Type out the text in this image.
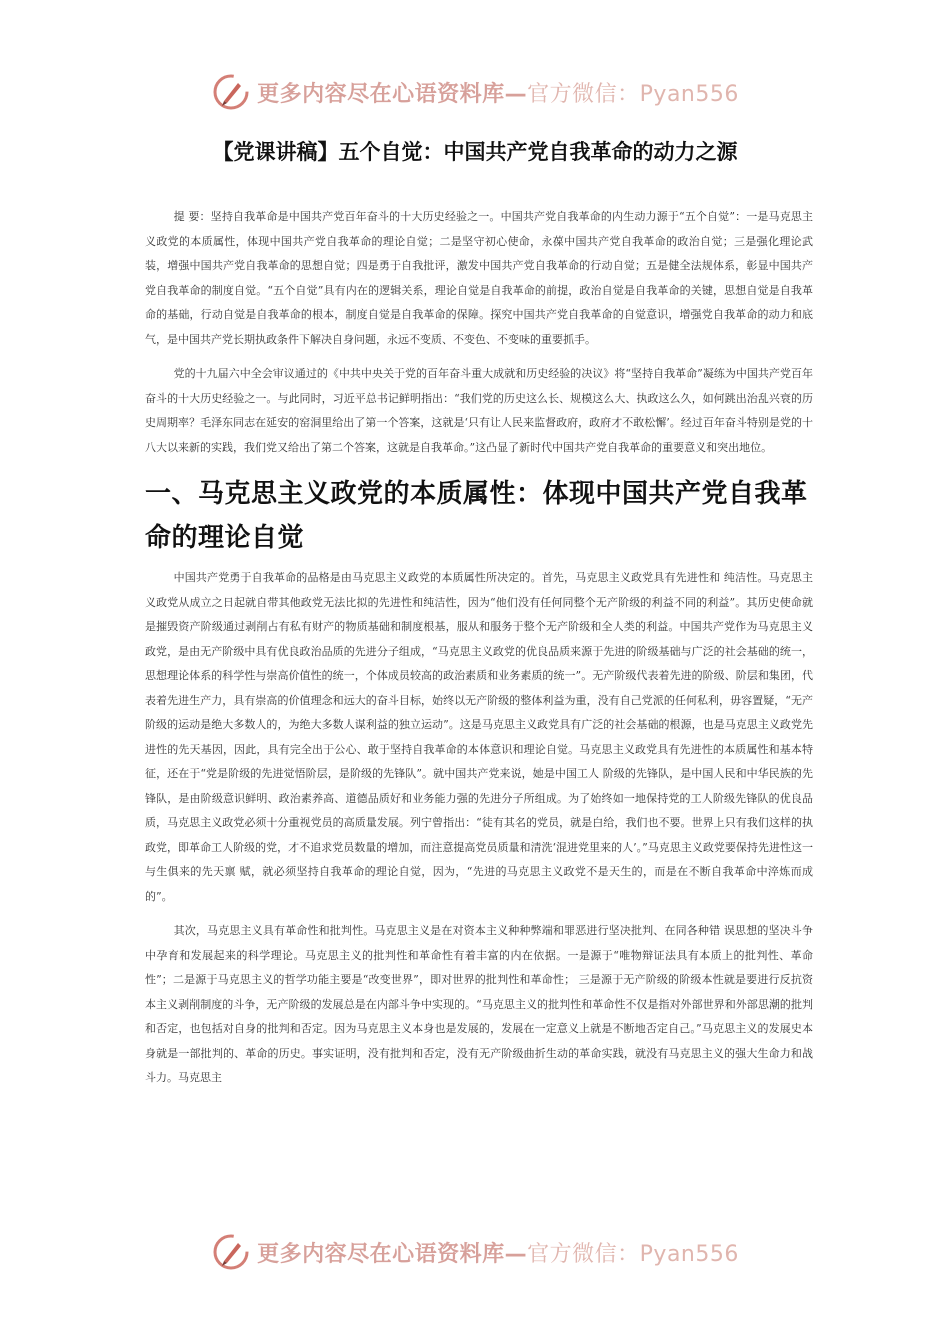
更多内容尽在心语资料库— 官方微信：Pyan556
【党课讲稿】五个自觉：中国共产党自我革命的动力之源

提 要：坚持自我革命是中国共产党百年奋斗的十大历史经验之一。中国共产党自我革命的内生动力源于“五个自觉”：一是马克思主义政党的本质属性，体现中国共产党自我革命的理论自觉；二是坚守初心使命，永葆中国共产党自我革命的政治自觉；三是强化理论武装，增强中国共产党自我革命的思想自觉；四是勇于自我批评，激发中国共产党自我革命的行动自觉；五是健全法规体系，彰显中国共产党自我革命的制度自觉。“五个自觉”具有内在的逻辑关系，理论自觉是自我革命的前提，政治自觉是自我革命的关键，思想自觉是自我革命的基础，行动自觉是自我革命的根本，制度自觉是自我革命的保障。探究中国共产党自我革命的自觉意识，增强党自我革命的动力和底气，是中国共产党长期执政条件下解决自身问题，永远不变质、不变色、不变味的重要抓手。

党的十九届六中全会审议通过的《中共中央关于党的百年奋斗重大成就和历史经验的决议》将“坚持自我革命”凝练为中国共产党百年奋斗的十大历史经验之一。与此同时，习近平总书记鲜明指出：“我们党的历史这么长、规模这么大、执政这么久，如何跳出治乱兴衰的历史周期率？毛泽东同志在延安的窑洞里给出了第一个答案，这就是‘只有让人民来监督政府，政府才不敢松懈’。经过百年奋斗特别是党的十八大以来新的实践，我们党又给出了第二个答案，这就是自我革命。”这凸显了新时代中国共产党自我革命的重要意义和突出地位。

一、马克思主义政党的本质属性：体现中国共产党自我革命的理论自觉

中国共产党勇于自我革命的品格是由马克思主义政党的本质属性所决定的。首先，马克思主义政党具有先进性和 纯洁性。马克思主义政党从成立之日起就自带其他政党无法比拟的先进性和纯洁性，因为“他们没有任何同整个无产阶级的利益不同的利益”。其历史使命就是摧毁资产阶级通过剥削占有私有财产的物质基础和制度根基，服从和服务于整个无产阶级和全人类的利益。中国共产党作为马克思主义政党，是由无产阶级中具有优良政治品质的先进分子组成，“马克思主义政党的优良品质来源于先进的阶级基础与广泛的社会基础的统一，思想理论体系的科学性与崇高价值性的统一，个体成员较高的政治素质和业务素质的统一”。无产阶级代表着先进的阶级、阶层和集团，代表着先进生产力，具有崇高的价值理念和远大的奋斗目标，始终以无产阶级的整体利益为重，没有自己党派的任何私利，毋容置疑，“无产阶级的运动是绝大多数人的，为绝大多数人谋利益的独立运动”。这是马克思主义政党具有广泛的社会基础的根源，也是马克思主义政党先进性的先天基因，因此，具有完全出于公心、敢于坚持自我革命的本体意识和理论自觉。马克思主义政党具有先进性的本质属性和基本特征，还在于“党是阶级的先进觉悟阶层，是阶级的先锋队”。就中国共产党来说，她是中国工人 阶级的先锋队，是中国人民和中华民族的先锋队，是由阶级意识鲜明、政治素养高、道德品质好和业务能力强的先进分子所组成。为了始终如一地保持党的工人阶级先锋队的优良品质，马克思主义政党必须十分重视党员的高质量发展。列宁曾指出：“徒有其名的党员，就是白给，我们也不要。世界上只有我们这样的执政党，即革命工人阶级的党，才不追求党员数量的增加，而注意提高党员质量和清洗‘混进党里来的人’。”马克思主义政党要保持先进性这一与生俱来的先天禀 赋，就必须坚持自我革命的理论自觉，因为，“先进的马克思主义政党不是天生的，而是在不断自我革命中淬炼而成的”。

其次，马克思主义具有革命性和批判性。马克思主义是在对资本主义种种弊端和罪恶进行坚决批判、在同各种错 误思想的坚决斗争中孕育和发展起来的科学理论。马克思主义的批判性和革命性有着丰富的内在依据。一是源于“唯物辩证法具有本质上的批判性、革命性”；二是源于马克思主义的哲学功能主要是“改变世界”，即对世界的批判性和革命性； 三是源于无产阶级的阶级本性就是要进行反抗资本主义剥削制度的斗争，无产阶级的发展总是在内部斗争中实现的。“马克思主义的批判性和革命性不仅是指对外部世界和外部思潮的批判和否定，也包括对自身的批判和否定。因为马克思主义本身也是发展的，发展在一定意义上就是不断地否定自己。”马克思主义的发展史本身就是一部批判的、革命的历史。事实证明，没有批判和否定，没有无产阶级曲折生动的革命实践，就没有马克思主义的强大生命力和战斗力。马克思主

更多内容尽在心语资料库— 官方微信：Pyan556
